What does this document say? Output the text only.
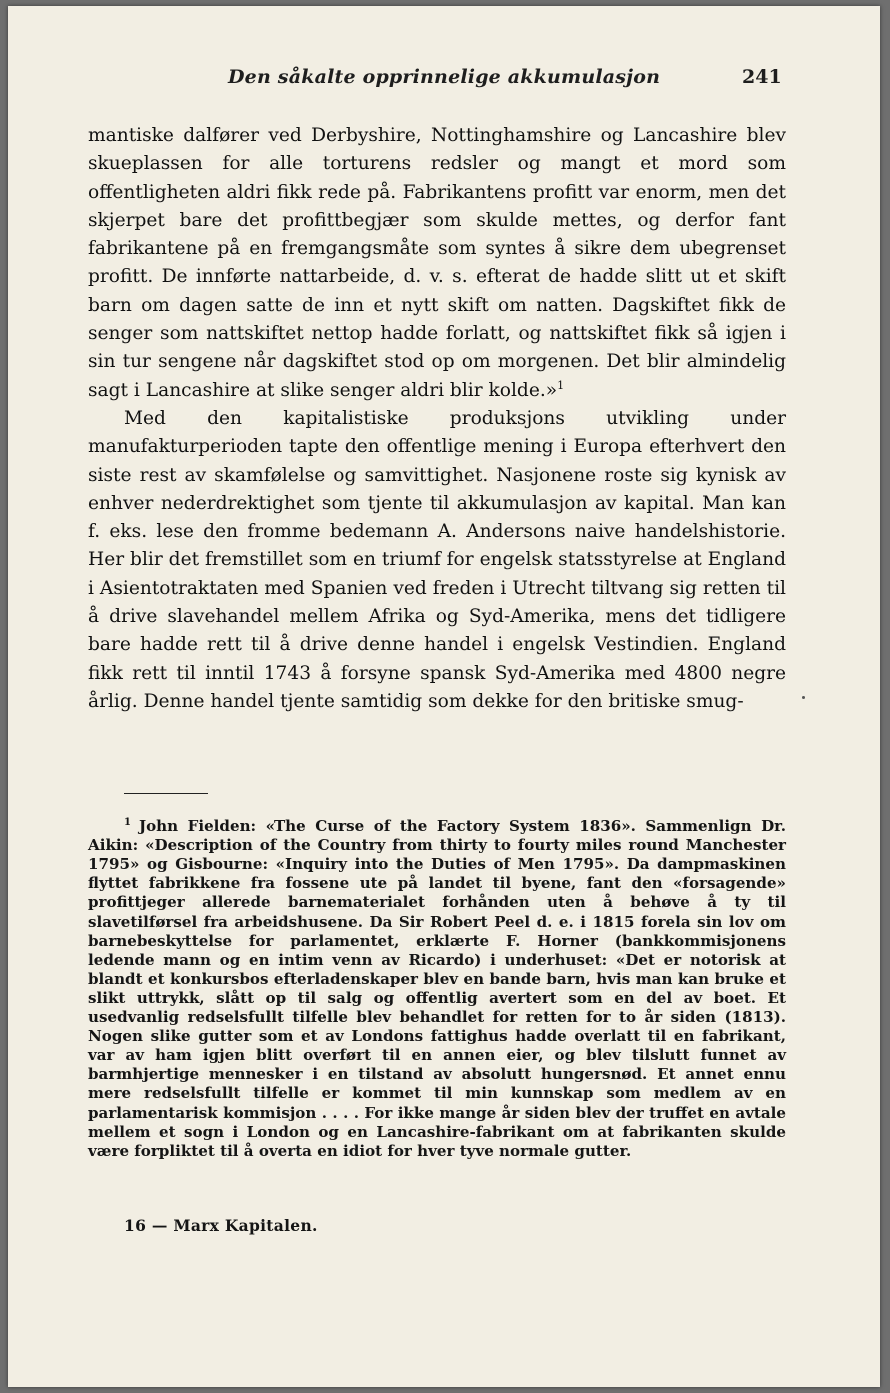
Den såkalte opprinnelige akkumulasjon	241

mantiske dalfører ved Derbyshire, Nottinghamshire og Lancashire blev skueplassen for alle torturens redsler og mangt et mord som offentligheten aldri fikk rede på. Fabrikantens profitt var enorm, men det skjerpet bare det profittbegjær som skulde mettes, og derfor fant fabrikantene på en fremgangsmåte som syntes å sikre dem ubegrenset profitt. De innførte nattarbeide, d. v. s. efterat de hadde slitt ut et skift barn om dagen satte de inn et nytt skift om natten. Dagskiftet fikk de senger som nattskiftet nettop hadde forlatt, og nattskiftet fikk så igjen i sin tur sengene når dagskiftet stod op om morgenen. Det blir almindelig sagt i Lancashire at slike senger aldri blir kolde.»$^1$

Med den kapitalistiske produksjons utvikling under manufakturperioden tapte den offentlige mening i Europa efterhvert den siste rest av skamfølelse og samvittighet. Nasjonene roste sig kynisk av enhver nederdrektighet som tjente til akkumulasjon av kapital. Man kan f. eks. lese den fromme bedemann A. Andersons naive handelshistorie. Her blir det fremstillet som en triumf for engelsk statsstyrelse at England i Asientotraktaten med Spanien ved freden i Utrecht tiltvang sig retten til å drive slavehandel mellem Afrika og Syd-Amerika, mens det tidligere bare hadde rett til å drive denne handel i engelsk Vestindien. England fikk rett til inntil 1743 å forsyne spansk Syd-Amerika med 4800 negre årlig. Denne handel tjente samtidig som dekke for den britiske smug-

$^1$ John Fielden: «The Curse of the Factory System 1836». Sammenlign Dr. Aikin: «Description of the Country from thirty to fourty miles round Manchester 1795» og Gisbourne: «Inquiry into the Duties of Men 1795». Da dampmaskinen flyttet fabrikkene fra fossene ute på landet til byene, fant den «forsagende» profittjeger allerede barnematerialet forhånden uten å behøve å ty til slavetilførsel fra arbeidshusene. Da Sir Robert Peel d. e. i 1815 forela sin lov om barnebeskyttelse for parlamentet, erklærte F. Horner (bankkommisjonens ledende mann og en intim venn av Ricardo) i underhuset: «Det er notorisk at blandt et konkursbos efterladenskaper blev en bande barn, hvis man kan bruke et slikt uttrykk, slått op til salg og offentlig avertert som en del av boet. Et usedvanlig redselsfullt tilfelle blev behandlet for retten for to år siden (1813). Nogen slike gutter som et av Londons fattighus hadde overlatt til en fabrikant, var av ham igjen blitt overført til en annen eier, og blev tilslutt funnet av barmhjertige mennesker i en tilstand av absolutt hungersnød. Et annet ennu mere redselsfullt tilfelle er kommet til min kunnskap som medlem av en parlamentarisk kommisjon . . . . For ikke mange år siden blev der truffet en avtale mellem et sogn i London og en Lancashire-fabrikant om at fabrikanten skulde være forpliktet til å overta en idiot for hver tyve normale gutter.

16 — Marx Kapitalen.
